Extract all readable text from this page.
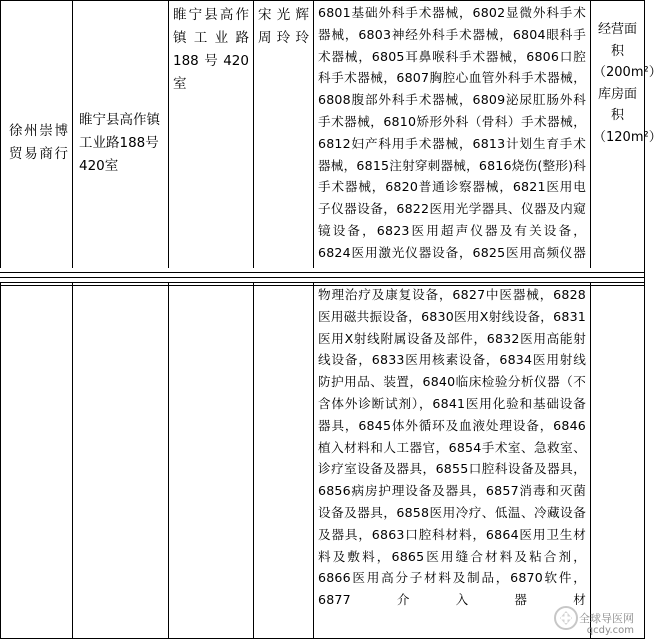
徐州崇博贸易商行	睢宁县高作镇工业路188号420室	睢宁县高作镇工业路188号420室	宋光辉周玲玲	6801基础外科手术器械，6802显微外科手术器械，6803神经外科手术器械，6804眼科手术器械，6805耳鼻喉科手术器械，6806口腔科手术器械，6807胸腔心血管外科手术器械，6808腹部外科手术器械，6809泌尿肛肠外科手术器械，6810矫形外科（骨科）手术器械，6812妇产科用手术器械，6813计划生育手术器械，6815注射穿刺器械，6816烧伤(整形)科手术器械，6820普通诊察器械，6821医用电子仪器设备，6822医用光学器具、仪器及内窥镜设备，6823医用超声仪器及有关设备，6824医用激光仪器设备，6825医用高频仪器	经营面积（200m²）库房面积（120m²）
				物理治疗及康复设备，6827中医器械，6828医用磁共振设备，6830医用X射线设备，6831医用X射线附属设备及部件，6832医用高能射线设备，6833医用核素设备，6834医用射线防护用品、装置，6840临床检验分析仪器（不含体外诊断试剂），6841医用化验和基础设备器具，6845体外循环及血液处理设备，6846植入材料和人工器官，6854手术室、急救室、诊疗室设备及器具，6855口腔科设备及器具，6856病房护理设备及器具，6857消毒和灭菌设备及器具，6858医用冷疗、低温、冷藏设备及器具，6863口腔科材料，6864医用卫生材料及敷料，6865医用缝合材料及粘合剂，6866医用高分子材料及制品，6870软件，6877介入器材	
全球导医网
qcdy.com
